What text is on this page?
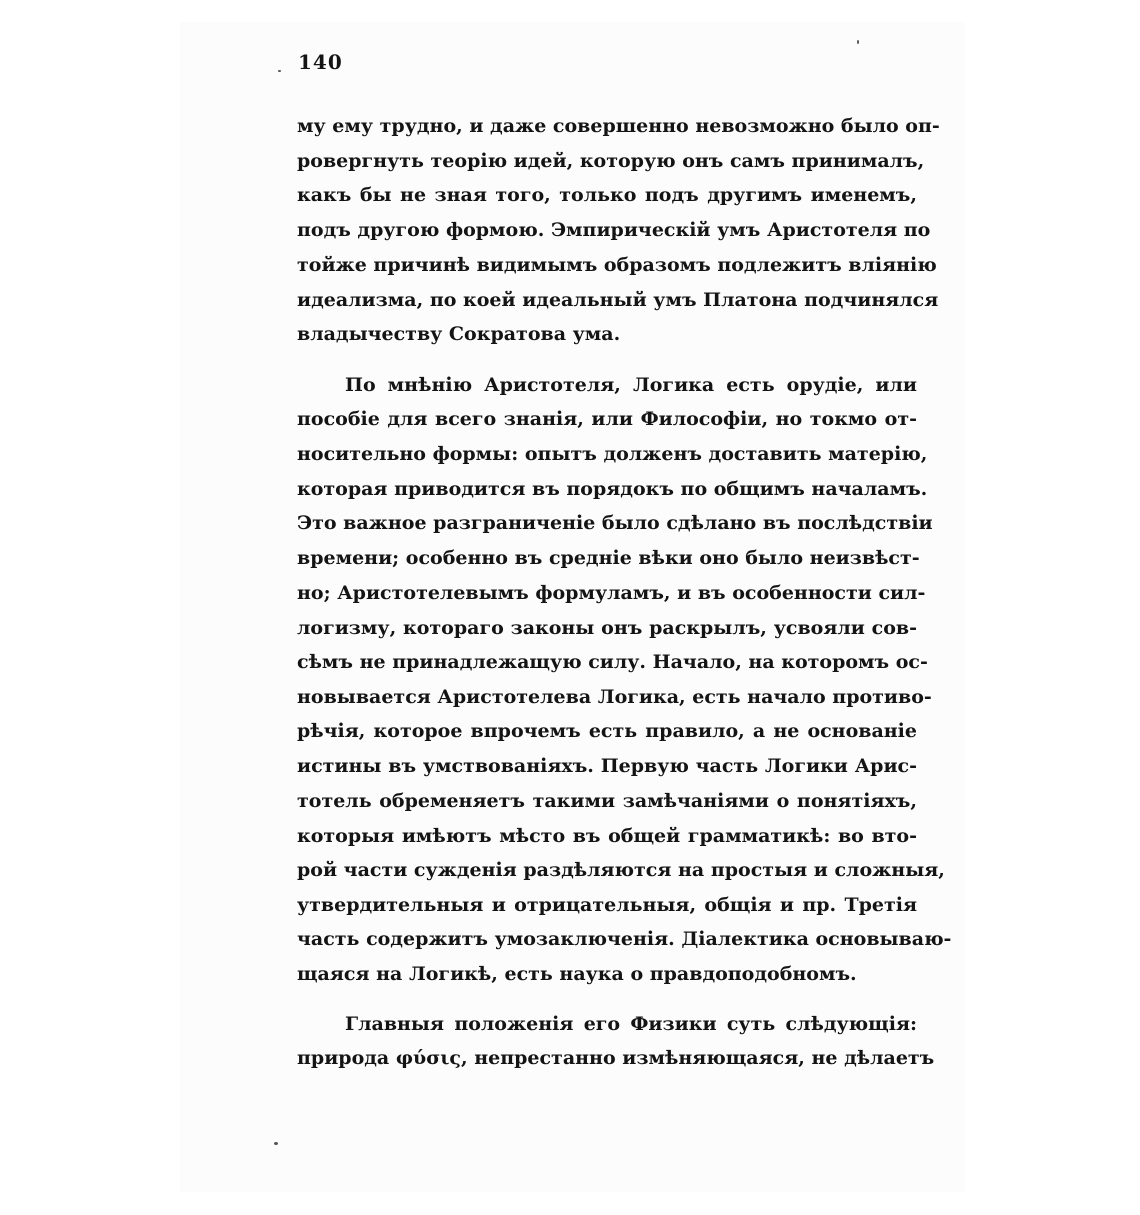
140
му ему трудно, и даже совершенно невозможно было оп-
ровергнуть теорію идей, которую онъ самъ принималъ,
какъ бы не зная того, только подъ другимъ именемъ,
подъ другою формою. Эмпирическій умъ Аристотеля по
тойже причинѣ видимымъ образомъ подлежитъ вліянію
идеализма, по коей идеальный умъ Платона подчинялся
владычеству Сократова ума.
По мнѣнію Аристотеля, Логика есть орудіе, или
пособіе для всего знанія, или Философіи, но токмо от-
носительно формы: опытъ долженъ доставить матерію,
которая приводится въ порядокъ по общимъ началамъ.
Это важное разграниченіе было сдѣлано въ послѣдствіи
времени; особенно въ средніе вѣки оно было неизвѣст-
но; Аристотелевымъ формуламъ, и въ особенности сил-
логизму, котораго законы онъ раскрылъ, усвояли сов-
сѣмъ не принадлежащую силу. Начало, на которомъ ос-
новывается Аристотелева Логика, есть начало противо-
рѣчія, которое впрочемъ есть правило, а не основаніе
истины въ умствованіяхъ. Первую часть Логики Арис-
тотель обременяетъ такими замѣчаніями о понятіяхъ,
которыя имѣютъ мѣсто въ общей грамматикѣ: во вто-
рой части сужденія раздѣляются на простыя и сложныя,
утвердительныя и отрицательныя, общія и пр. Третія
часть содержитъ умозаключенія. Діалектика основываю-
щаяся на Логикѣ, есть наука о правдоподобномъ.
Главныя положенія его Физики суть слѣдующія:
природа φύσις, непрестанно измѣняющаяся, не дѣлаетъ
